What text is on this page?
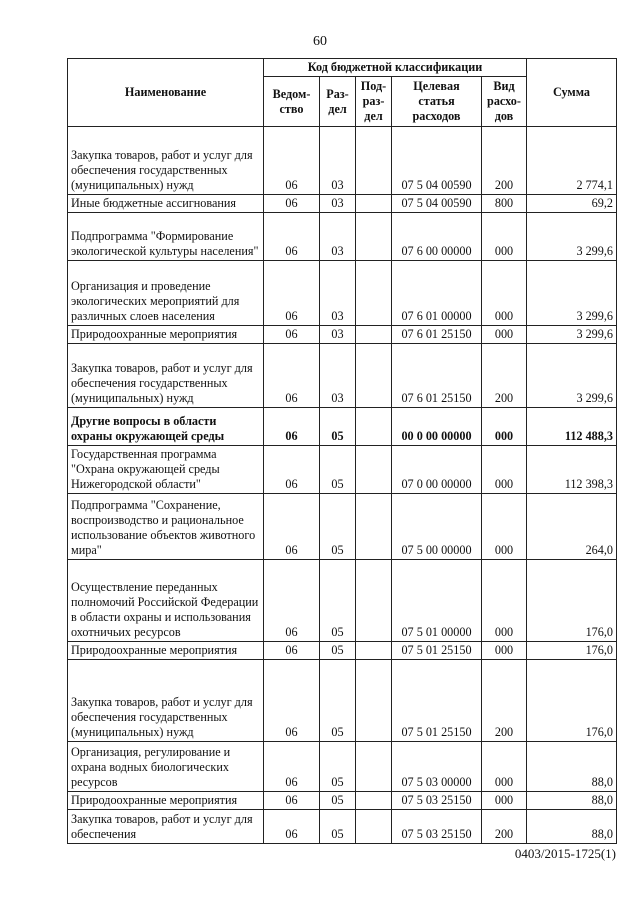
60
Наименование	Код бюджетной классификации					Сумма
	Ведом-ство	Раз-дел	Под-раз-дел	Целевая статья расходов	Вид расхо-дов	
Закупка товаров, работ и услуг для обеспечения государственных (муниципальных) нужд	06	03		07 5 04 00590	200	2 774,1
Иные бюджетные ассигнования	06	03		07 5 04 00590	800	69,2
Подпрограмма "Формирование экологической культуры населения"	06	03		07 6 00 00000	000	3 299,6
Организация и проведение экологических мероприятий для различных слоев населения	06	03		07 6 01 00000	000	3 299,6
Природоохранные мероприятия	06	03		07 6 01 25150	000	3 299,6
Закупка товаров, работ и услуг для обеспечения государственных (муниципальных) нужд	06	03		07 6 01 25150	200	3 299,6
Другие вопросы в области охраны окружающей среды	06	05		00 0 00 00000	000	112 488,3
Государственная программа "Охрана окружающей среды Нижегородской области"	06	05		07 0 00 00000	000	112 398,3
Подпрограмма "Сохранение, воспроизводство и рациональное использование объектов животного мира"	06	05		07 5 00 00000	000	264,0
Осуществление переданных полномочий Российской Федерации в области охраны и использования охотничьих ресурсов	06	05		07 5 01 00000	000	176,0
Природоохранные мероприятия	06	05		07 5 01 25150	000	176,0
Закупка товаров, работ и услуг для обеспечения государственных (муниципальных) нужд	06	05		07 5 01 25150	200	176,0
Организация, регулирование и охрана водных биологических ресурсов	06	05		07 5 03 00000	000	88,0
Природоохранные мероприятия	06	05		07 5 03 25150	000	88,0
Закупка товаров, работ и услуг для обеспечения	06	05		07 5 03 25150	200	88,0
0403/2015-1725(1)
